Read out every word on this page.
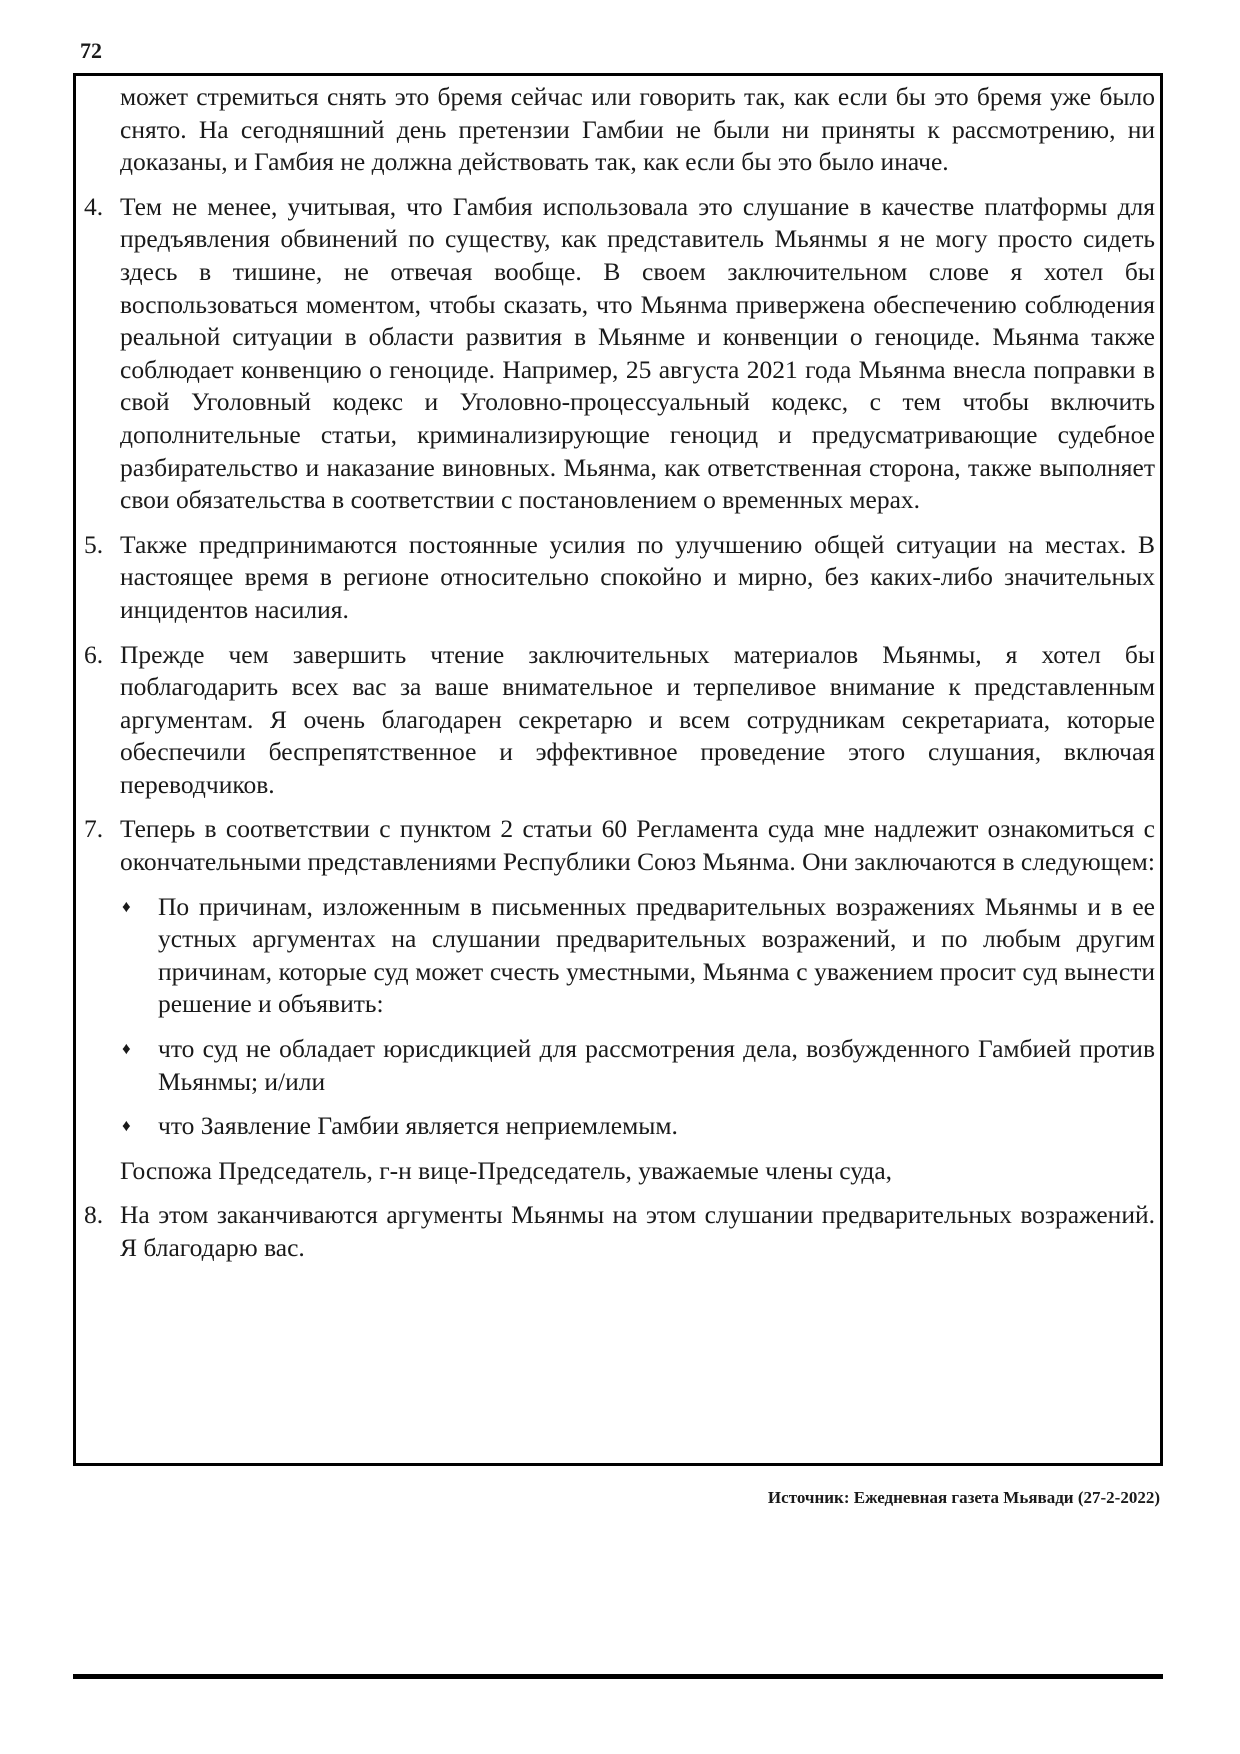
72

может стремиться снять это бремя сейчас или говорить так, как если бы это бремя уже было снято. На сегодняшний день претензии Гамбии не были ни приняты к рассмотрению, ни доказаны, и Гамбия не должна действовать так, как если бы это было иначе.

4. Тем не менее, учитывая, что Гамбия использовала это слушание в качестве платформы для предъявления обвинений по существу, как представитель Мьянмы я не могу просто сидеть здесь в тишине, не отвечая вообще. В своем заключительном слове я хотел бы воспользоваться моментом, чтобы сказать, что Мьянма привержена обеспечению соблюдения реальной ситуации в области развития в Мьянме и конвенции о геноциде. Мьянма также соблюдает конвенцию о геноциде. Например, 25 августа 2021 года Мьянма внесла поправки в свой Уголовный кодекс и Уголовно-процессуальный кодекс, с тем чтобы включить дополнительные статьи, криминализирующие геноцид и предусматривающие судебное разбирательство и наказание виновных. Мьянма, как ответственная сторона, также выполняет свои обязательства в соответствии с постановлением о временных мерах.
5. Также предпринимаются постоянные усилия по улучшению общей ситуации на местах. В настоящее время в регионе относительно спокойно и мирно, без каких-либо значительных инцидентов насилия.
6. Прежде чем завершить чтение заключительных материалов Мьянмы, я хотел бы поблагодарить всех вас за ваше внимательное и терпеливое внимание к представленным аргументам. Я очень благодарен секретарю и всем сотрудникам секретариата, которые обеспечили беспрепятственное и эффективное проведение этого слушания, включая переводчиков.
7. Теперь в соответствии с пунктом 2 статьи 60 Регламента суда мне надлежит ознакомиться с окончательными представлениями Республики Союз Мьянма. Они заключаются в следующем:
♦ По причинам, изложенным в письменных предварительных возражениях Мьянмы и в ее устных аргументах на слушании предварительных возражений, и по любым другим причинам, которые суд может счесть уместными, Мьянма с уважением просит суд вынести решение и объявить:
♦ что суд не обладает юрисдикцией для рассмотрения дела, возбужденного Гамбией против Мьянмы; и/или
♦ что Заявление Гамбии является неприемлемым.

Госпожа Председатель, г-н вице-Председатель, уважаемые члены суда,

8. На этом заканчиваются аргументы Мьянмы на этом слушании предварительных возражений. Я благодарю вас.
Источник: Ежедневная газета Мьявади (27-2-2022)
